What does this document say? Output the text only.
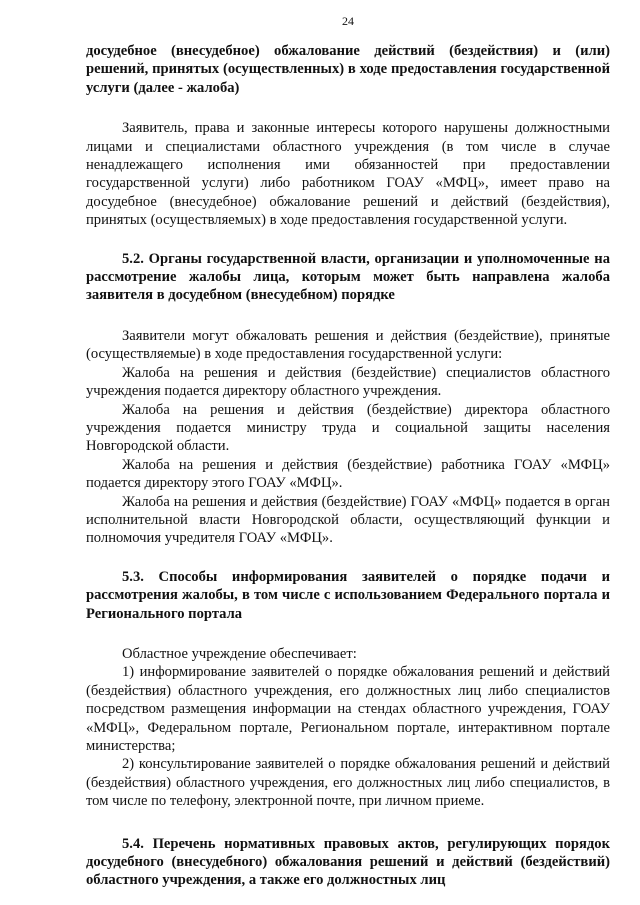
24

досудебное (внесудебное) обжалование действий (бездействия) и (или) решений, принятых (осуществленных) в ходе предоставления государственной услуги (далее - жалоба)

Заявитель, права и законные интересы которого нарушены должностными лицами и специалистами областного учреждения (в том числе в случае ненадлежащего исполнения ими обязанностей при предоставлении государственной услуги) либо работником ГОАУ «МФЦ», имеет право на досудебное (внесудебное) обжалование решений и действий (бездействия), принятых (осуществляемых) в ходе предоставления государственной услуги.

5.2. Органы государственной власти, организации и уполномоченные на рассмотрение жалобы лица, которым может быть направлена жалоба заявителя в досудебном (внесудебном) порядке

Заявители могут обжаловать решения и действия (бездействие), принятые (осуществляемые) в ходе предоставления государственной услуги:

Жалоба на решения и действия (бездействие) специалистов областного учреждения подается директору областного учреждения.

Жалоба на решения и действия (бездействие) директора областного учреждения подается министру труда и социальной защиты населения Новгородской области.

Жалоба на решения и действия (бездействие) работника ГОАУ «МФЦ» подается директору этого ГОАУ «МФЦ».

Жалоба на решения и действия (бездействие) ГОАУ «МФЦ» подается в орган исполнительной власти Новгородской области, осуществляющий функции и полномочия учредителя ГОАУ «МФЦ».

5.3. Способы информирования заявителей о порядке подачи и рассмотрения жалобы, в том числе с использованием Федерального портала и Регионального портала

Областное учреждение обеспечивает:

1) информирование заявителей о порядке обжалования решений и действий (бездействия) областного учреждения, его должностных лиц либо специалистов посредством размещения информации на стендах областного учреждения, ГОАУ «МФЦ», Федеральном портале, Региональном портале, интерактивном портале министерства;

2) консультирование заявителей о порядке обжалования решений и действий (бездействия) областного учреждения, его должностных лиц либо специалистов, в том числе по телефону, электронной почте, при личном приеме.

5.4. Перечень нормативных правовых актов, регулирующих порядок досудебного (внесудебного) обжалования решений и действий (бездействий) областного учреждения, а также его должностных лиц
